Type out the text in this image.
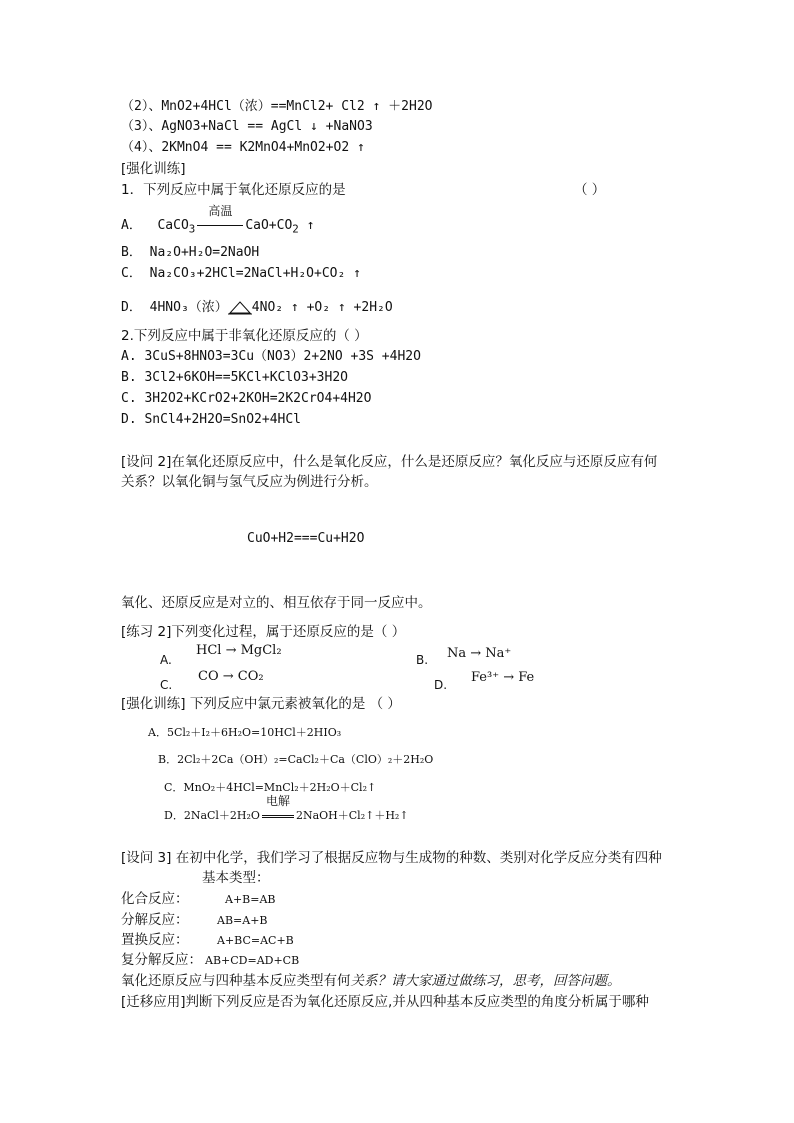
（2）、MnO2+4HCl（浓）==MnCl2+ Cl2 ↑ ＋2H2O
（3）、AgNO3+NaCl == AgCl ↓ +NaNO3
（4）、2KMnO4 == K2MnO4+MnO2+O2 ↑
[强化训练]
1．下列反应中属于氧化还原反应的是	（ ）
A． CaCO$_3$
高温
$CaO+CO_2$ ↑
B． Na₂O+H₂O=2NaOH
C． Na₂CO₃+2HCl=2NaCl+H₂O+CO₂ ↑
D． 4HNO₃（浓） 4NO₂ ↑ +O₂ ↑ +2H₂O
2.下列反应中属于非氧化还原反应的（ ）
A. 3CuS+8HNO3=3Cu（NO3）2+2NO +3S +4H2O
B. 3Cl2+6KOH==5KCl+KClO3+3H2O
C. 3H2O2+KCrO2+2KOH=2K2CrO4+4H2O
D. SnCl4+2H2O=SnO2+4HCl
[设问 2]在氧化还原反应中，什么是氧化反应，什么是还原反应？氧化反应与还原反应有何
关系？以氧化铜与氢气反应为例进行分析。
CuO+H2===Cu+H2O
氧化、还原反应是对立的、相互依存于同一反应中。
[练习 2]下列变化过程，属于还原反应的是（ ）
A.
HCl → MgCl₂
B. Na → Na⁺
C.
CO → CO₂
D. Fe³⁺ → Fe
[强化训练] 下列反应中氯元素被氧化的是 （ ）
A．5Cl₂＋I₂＋6H₂O=10HCl＋2HIO₃
B．2Cl₂＋2Ca（OH）₂=CaCl₂＋Ca（ClO）₂＋2H₂O
C．MnO₂＋4HCl=MnCl₂＋2H₂O＋Cl₂↑
D．2NaCl＋2H₂O
电解
2NaOH＋Cl₂↑＋H₂↑
[设问 3] 在初中化学，我们学习了根据反应物与生成物的种数、类别对化学反应分类有四种
基本类型：
化合反应：	A+B=AB
分解反应：	AB=A+B
置换反应：	A+BC=AC+B
复分解反应： AB+CD=AD+CB
氧化还原反应与四种基本反应类型有何关系？请大家通过做练习，思考，回答问题。
[迁移应用]判断下列反应是否为氧化还原反应,并从四种基本反应类型的角度分析属于哪种
